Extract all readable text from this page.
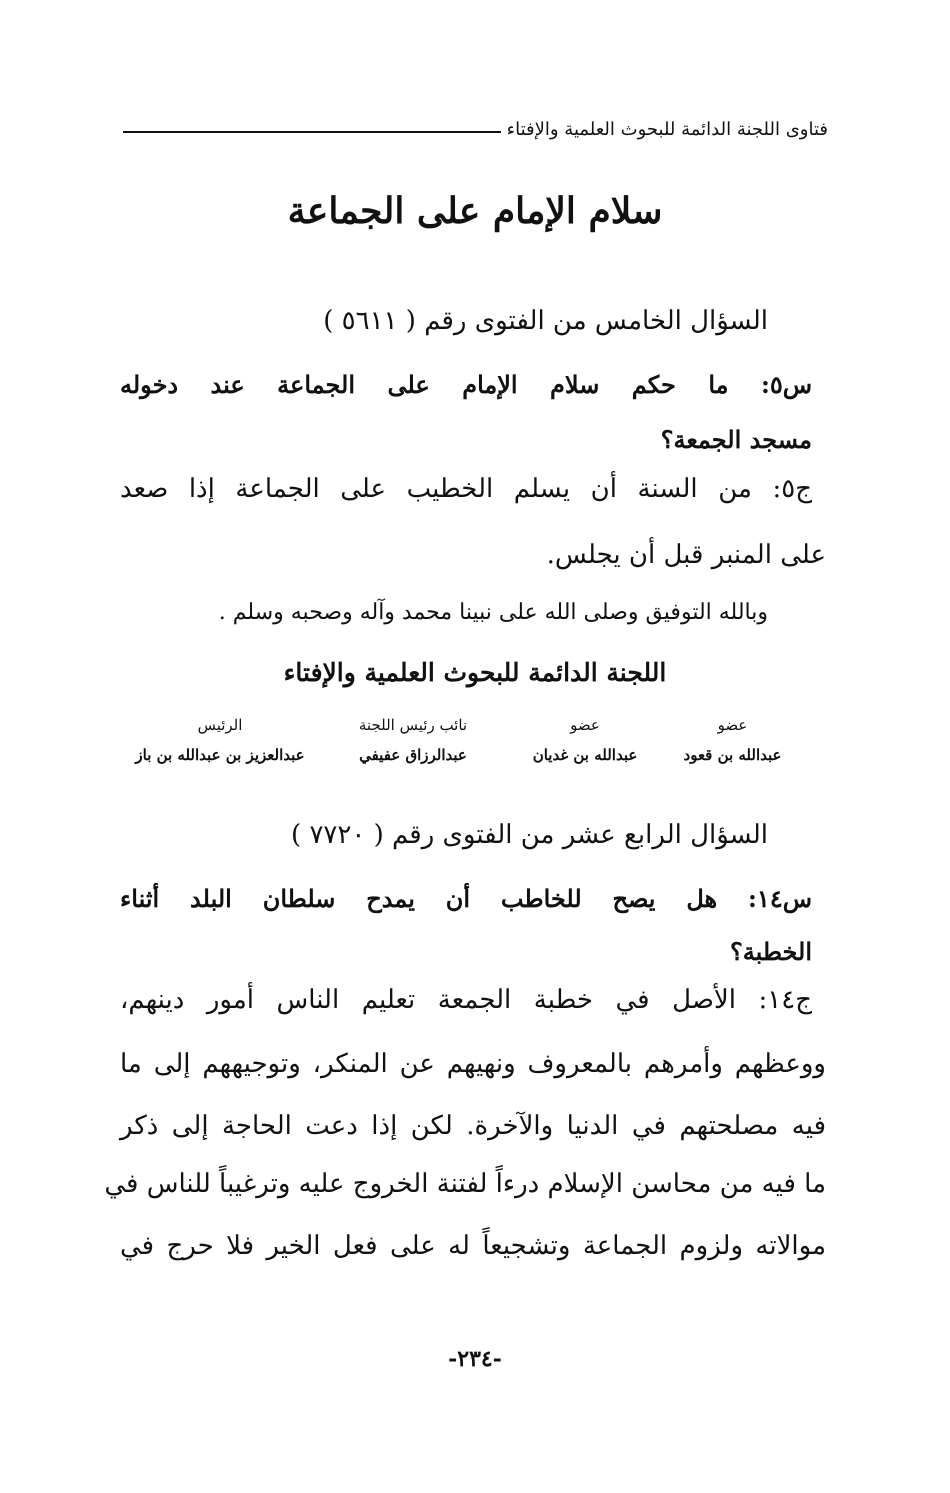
فتاوى اللجنة الدائمة للبحوث العلمية والإفتاء
سلام الإمام على الجماعة
السؤال الخامس من الفتوى رقم ( ٥٦١١ )
س٥: ما حكم سلام الإمام على الجماعة عند دخوله
مسجد الجمعة؟
ج٥: من السنة أن يسلم الخطيب على الجماعة إذا صعد
على المنبر قبل أن يجلس.
وبالله التوفيق وصلى الله على نبينا محمد وآله وصحبه وسلم .
اللجنة الدائمة للبحوث العلمية والإفتاء
الرئيس
عبدالعزيز بن عبدالله بن باز
نائب رئيس اللجنة
عبدالرزاق عفيفي
عضو
عبدالله بن غديان
عضو
عبدالله بن قعود
السؤال الرابع عشر من الفتوى رقم ( ٧٧٢٠ )
س١٤: هل يصح للخاطب أن يمدح سلطان البلد أثناء
الخطبة؟
ج١٤: الأصل في خطبة الجمعة تعليم الناس أمور دينهم،
ووعظهم وأمرهم بالمعروف ونهيهم عن المنكر، وتوجيههم إلى ما
فيه مصلحتهم في الدنيا والآخرة. لكن إذا دعت الحاجة إلى ذكر
ما فيه من محاسن الإسلام درءاً لفتنة الخروج عليه وترغيباً للناس في
موالاته ولزوم الجماعة وتشجيعاً له على فعل الخير فلا حرج في
-٢٣٤-
